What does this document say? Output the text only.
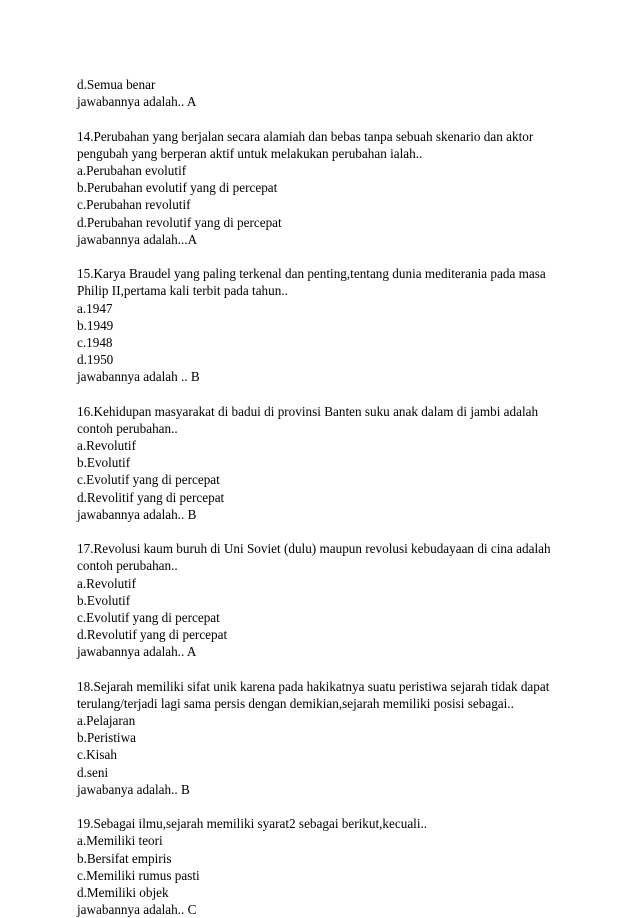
d.Semua benar
jawabannya adalah.. A
14.Perubahan yang berjalan secara alamiah dan bebas tanpa sebuah skenario dan aktor pengubah yang berperan aktif untuk melakukan perubahan ialah..
a.Perubahan evolutif
b.Perubahan evolutif yang di percepat
c.Perubahan revolutif
d.Perubahan revolutif yang di percepat
jawabannya adalah...A
15.Karya Braudel yang paling terkenal dan penting,tentang dunia mediterania pada masa Philip II,pertama kali terbit pada tahun..
a.1947
b.1949
c.1948
d.1950
jawabannya adalah .. B
16.Kehidupan masyarakat di badui di provinsi Banten suku anak dalam di jambi adalah contoh perubahan..
a.Revolutif
b.Evolutif
c.Evolutif yang di percepat
d.Revolitif yang di percepat
jawabannya adalah.. B
17.Revolusi kaum buruh di Uni Soviet (dulu) maupun revolusi kebudayaan di cina adalah contoh perubahan..
a.Revolutif
b.Evolutif
c.Evolutif yang di percepat
d.Revolutif yang di percepat
jawabannya adalah.. A
18.Sejarah memiliki sifat unik karena pada hakikatnya suatu peristiwa sejarah tidak dapat terulang/terjadi lagi sama persis dengan demikian,sejarah memiliki posisi sebagai..
a.Pelajaran
b.Peristiwa
c.Kisah
d.seni
jawabanya adalah.. B
19.Sebagai ilmu,sejarah memiliki syarat2 sebagai berikut,kecuali..
a.Memiliki teori
b.Bersifat empiris
c.Memiliki rumus pasti
d.Memiliki objek
jawabannya adalah.. C
